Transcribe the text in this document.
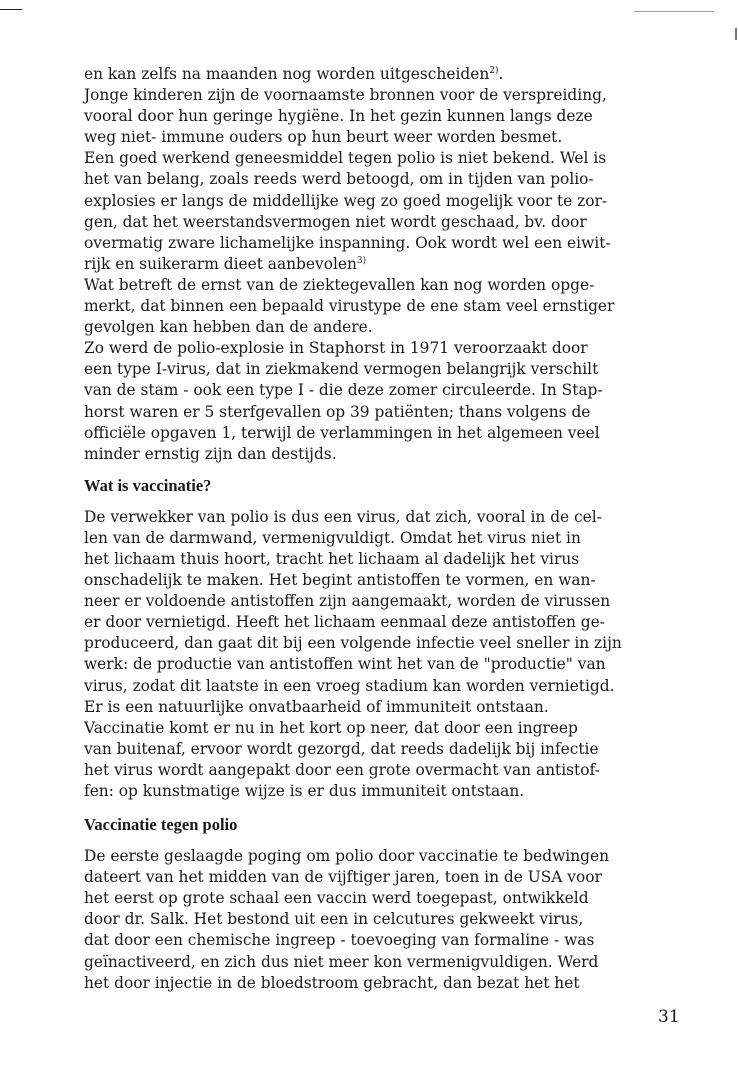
en kan zelfs na maanden nog worden uitgescheiden$^{2)}$.
Jonge kinderen zijn de voornaamste bronnen voor de verspreiding,
vooral door hun geringe hygiëne. In het gezin kunnen langs deze
weg niet- immune ouders op hun beurt weer worden besmet.
Een goed werkend geneesmiddel tegen polio is niet bekend. Wel is
het van belang, zoals reeds werd betoogd, om in tijden van polio-
explosies er langs de middellijke weg zo goed mogelijk voor te zor-
gen, dat het weerstandsvermogen niet wordt geschaad, bv. door
overmatig zware lichamelijke inspanning. Ook wordt wel een eiwit-
rijk en suikerarm dieet aanbevolen$^{3)}$
Wat betreft de ernst van de ziektegevallen kan nog worden opge-
merkt, dat binnen een bepaald virustype de ene stam veel ernstiger
gevolgen kan hebben dan de andere.
Zo werd de polio-explosie in Staphorst in 1971 veroorzaakt door
een type I-virus, dat in ziekmakend vermogen belangrijk verschilt
van de stam - ook een type I - die deze zomer circuleerde. In Stap-
horst waren er 5 sterfgevallen op 39 patiënten; thans volgens de
officiële opgaven 1, terwijl de verlammingen in het algemeen veel
minder ernstig zijn dan destijds.
Wat is vaccinatie?
De verwekker van polio is dus een virus, dat zich, vooral in de cel-
len van de darmwand, vermenigvuldigt. Omdat het virus niet in
het lichaam thuis hoort, tracht het lichaam al dadelijk het virus
onschadelijk te maken. Het begint antistoffen te vormen, en wan-
neer er voldoende antistoffen zijn aangemaakt, worden de virussen
er door vernietigd. Heeft het lichaam eenmaal deze antistoffen ge-
produceerd, dan gaat dit bij een volgende infectie veel sneller in zijn
werk: de productie van antistoffen wint het van de "productie" van
virus, zodat dit laatste in een vroeg stadium kan worden vernietigd.
Er is een natuurlijke onvatbaarheid of immuniteit ontstaan.
Vaccinatie komt er nu in het kort op neer, dat door een ingreep
van buitenaf, ervoor wordt gezorgd, dat reeds dadelijk bij infectie
het virus wordt aangepakt door een grote overmacht van antistof-
fen: op kunstmatige wijze is er dus immuniteit ontstaan.
Vaccinatie tegen polio
De eerste geslaagde poging om polio door vaccinatie te bedwingen
dateert van het midden van de vijftiger jaren, toen in de USA voor
het eerst op grote schaal een vaccin werd toegepast, ontwikkeld
door dr. Salk. Het bestond uit een in celcutures gekweekt virus,
dat door een chemische ingreep - toevoeging van formaline - was
geïnactiveerd, en zich dus niet meer kon vermenigvuldigen. Werd
het door injectie in de bloedstroom gebracht, dan bezat het het
31
